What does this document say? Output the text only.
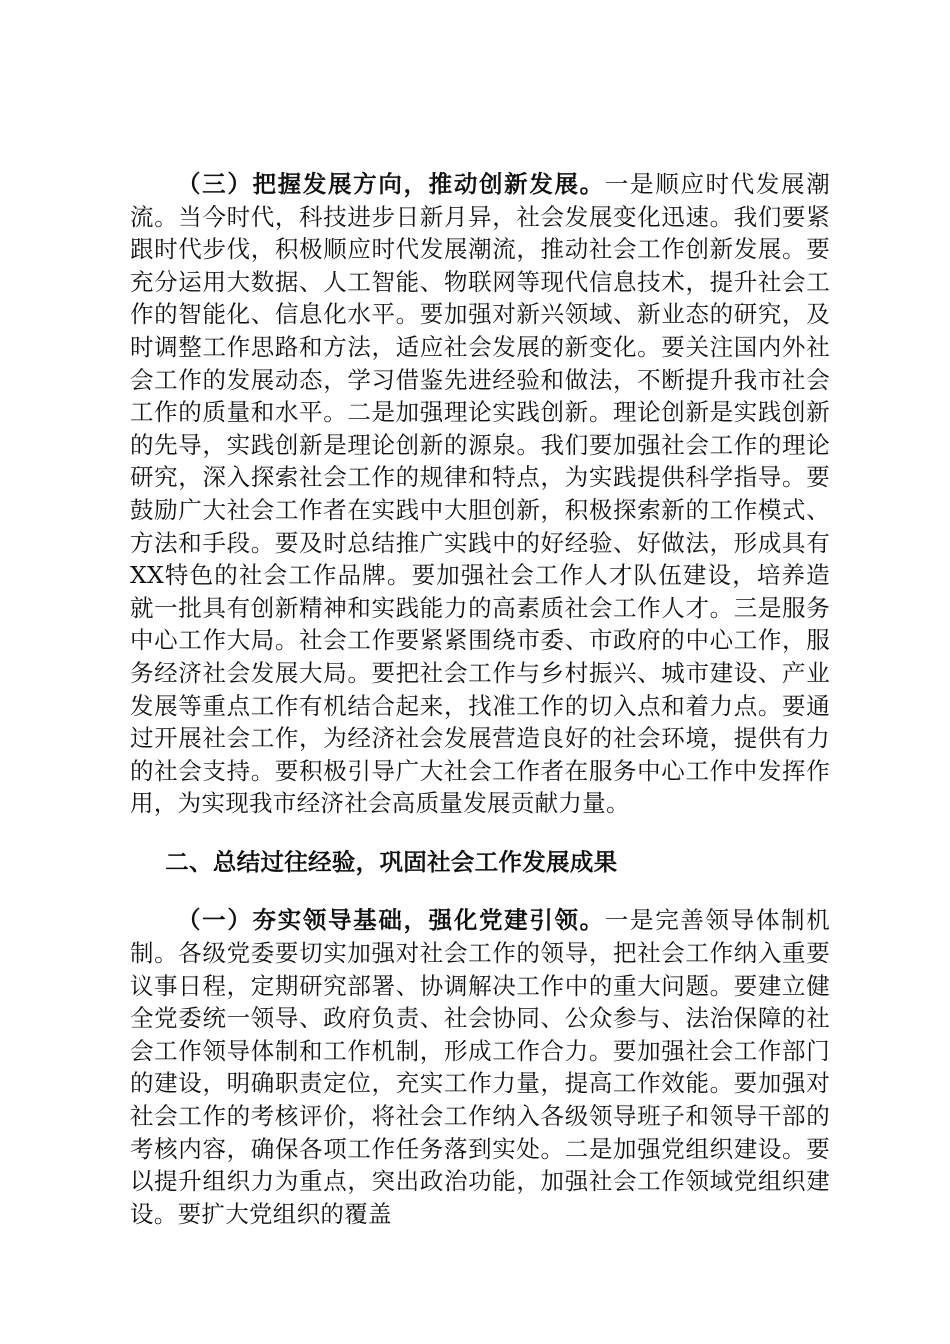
（三）把握发展方向，推动创新发展。一是顺应时代发展潮流。当今时代，科技进步日新月异，社会发展变化迅速。我们要紧跟时代步伐，积极顺应时代发展潮流，推动社会工作创新发展。要充分运用大数据、人工智能、物联网等现代信息技术，提升社会工作的智能化、信息化水平。要加强对新兴领域、新业态的研究，及时调整工作思路和方法，适应社会发展的新变化。要关注国内外社会工作的发展动态，学习借鉴先进经验和做法，不断提升我市社会工作的质量和水平。二是加强理论实践创新。理论创新是实践创新的先导，实践创新是理论创新的源泉。我们要加强社会工作的理论研究，深入探索社会工作的规律和特点，为实践提供科学指导。要鼓励广大社会工作者在实践中大胆创新，积极探索新的工作模式、方法和手段。要及时总结推广实践中的好经验、好做法，形成具有XX特色的社会工作品牌。要加强社会工作人才队伍建设，培养造就一批具有创新精神和实践能力的高素质社会工作人才。三是服务中心工作大局。社会工作要紧紧围绕市委、市政府的中心工作，服务经济社会发展大局。要把社会工作与乡村振兴、城市建设、产业发展等重点工作有机结合起来，找准工作的切入点和着力点。要通过开展社会工作，为经济社会发展营造良好的社会环境，提供有力的社会支持。要积极引导广大社会工作者在服务中心工作中发挥作用，为实现我市经济社会高质量发展贡献力量。

二、总结过往经验，巩固社会工作发展成果

（一）夯实领导基础，强化党建引领。一是完善领导体制机制。各级党委要切实加强对社会工作的领导，把社会工作纳入重要议事日程，定期研究部署、协调解决工作中的重大问题。要建立健全党委统一领导、政府负责、社会协同、公众参与、法治保障的社会工作领导体制和工作机制，形成工作合力。要加强社会工作部门的建设，明确职责定位，充实工作力量，提高工作效能。要加强对社会工作的考核评价，将社会工作纳入各级领导班子和领导干部的考核内容，确保各项工作任务落到实处。二是加强党组织建设。要以提升组织力为重点，突出政治功能，加强社会工作领域党组织建设。要扩大党组织的覆盖
